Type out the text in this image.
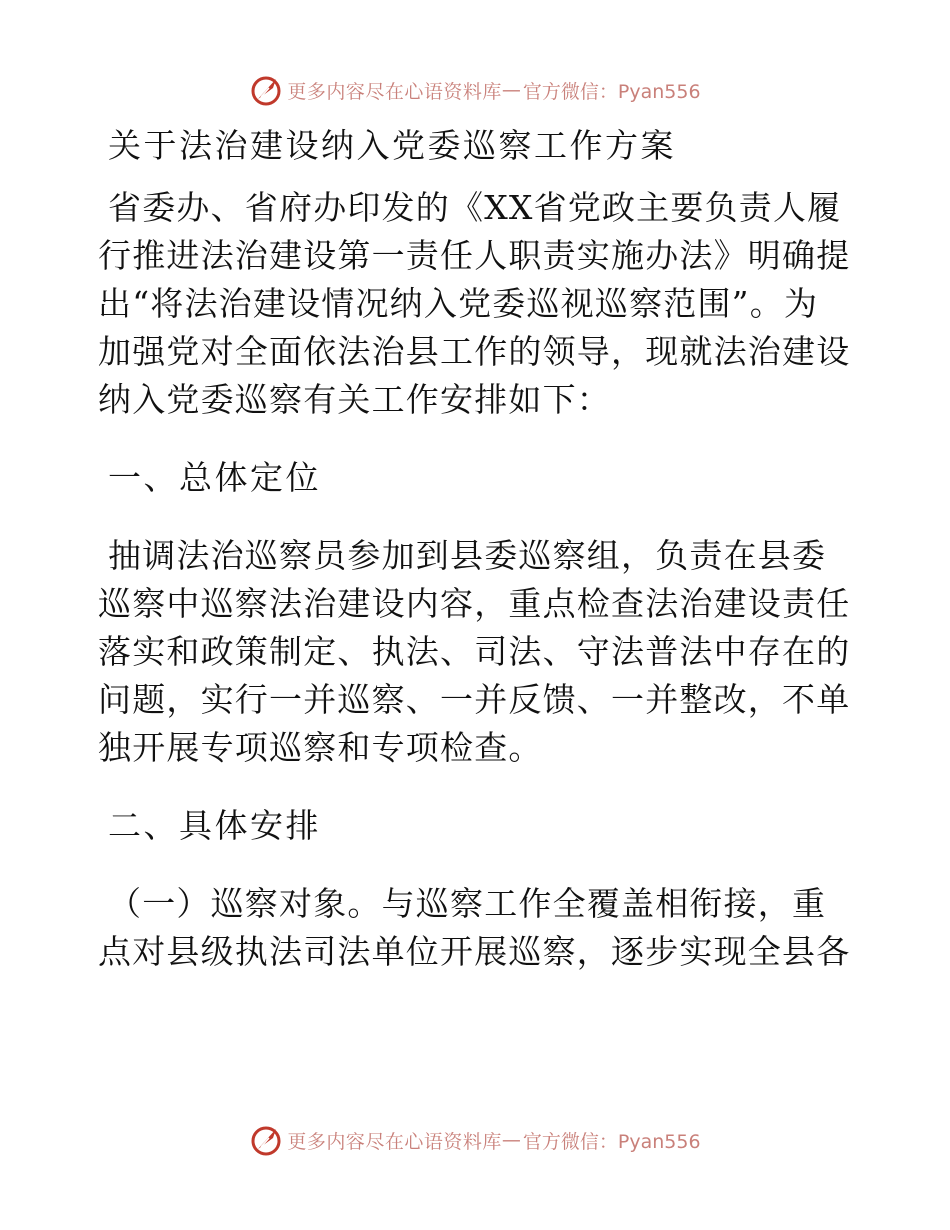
更多内容尽在心语资料库 — 官方微信：Pyan556

关于法治建设纳入党委巡察工作方案

省委办、省府办印发的《XX省党政主要负责人履

行推进法治建设第一责任人职责实施办法》明确提

出“将法治建设情况纳入党委巡视巡察范围”。为

加强党对全面依法治县工作的领导，现就法治建设

纳入党委巡察有关工作安排如下：

一、总体定位

抽调法治巡察员参加到县委巡察组，负责在县委

巡察中巡察法治建设内容，重点检查法治建设责任

落实和政策制定、执法、司法、守法普法中存在的

问题，实行一并巡察、一并反馈、一并整改，不单

独开展专项巡察和专项检查。

二、具体安排

（一）巡察对象。与巡察工作全覆盖相衔接，重

点对县级执法司法单位开展巡察，逐步实现全县各

更多内容尽在心语资料库 — 官方微信：Pyan556
